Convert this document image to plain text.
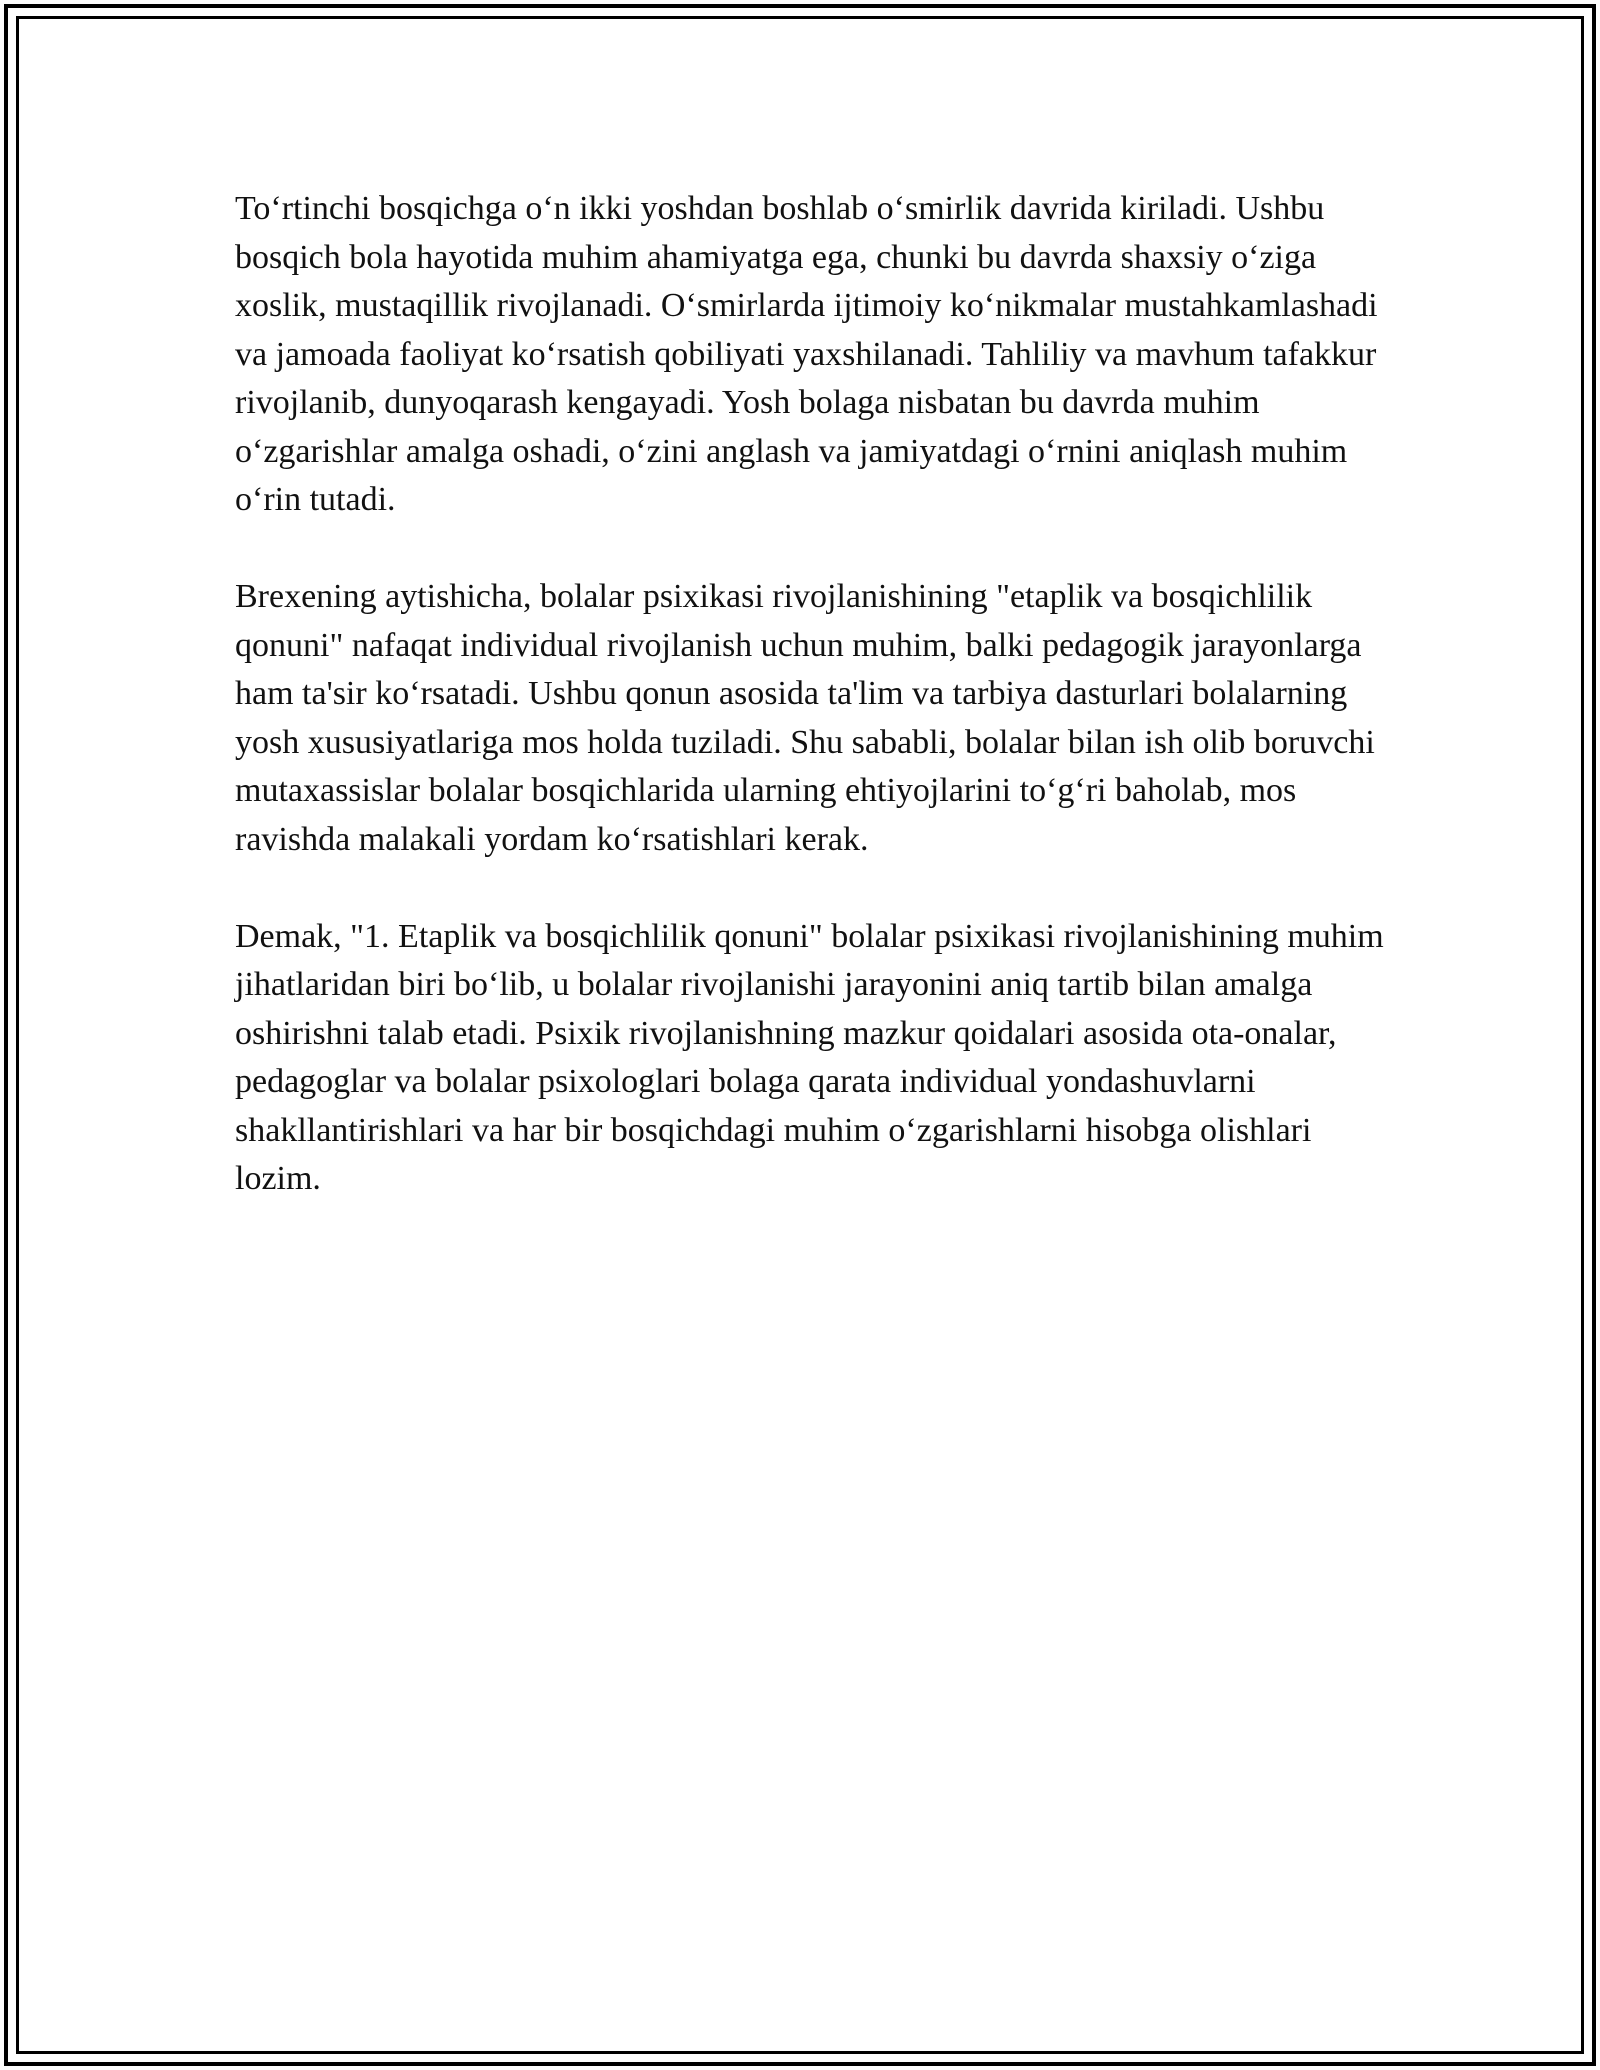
To‘rtinchi bosqichga o‘n ikki yoshdan boshlab o‘smirlik davrida kiriladi. Ushbu bosqich bola hayotida muhim ahamiyatga ega, chunki bu davrda shaxsiy o‘ziga xoslik, mustaqillik rivojlanadi. O‘smirlarda ijtimoiy ko‘nikmalar mustahkamlashadi va jamoada faoliyat ko‘rsatish qobiliyati yaxshilanadi. Tahliliy va mavhum tafakkur rivojlanib, dunyoqarash kengayadi. Yosh bolaga nisbatan bu davrda muhim o‘zgarishlar amalga oshadi, o‘zini anglash va jamiyatdagi o‘rnini aniqlash muhim o‘rin tutadi.

Brexening aytishicha, bolalar psixikasi rivojlanishining "etaplik va bosqichlilik qonuni" nafaqat individual rivojlanish uchun muhim, balki pedagogik jarayonlarga ham ta'sir ko‘rsatadi. Ushbu qonun asosida ta'lim va tarbiya dasturlari bolalarning yosh xususiyatlariga mos holda tuziladi. Shu sababli, bolalar bilan ish olib boruvchi mutaxassislar bolalar bosqichlarida ularning ehtiyojlarini to‘g‘ri baholab, mos ravishda malakali yordam ko‘rsatishlari kerak.

Demak, "1. Etaplik va bosqichlilik qonuni" bolalar psixikasi rivojlanishining muhim jihatlaridan biri bo‘lib, u bolalar rivojlanishi jarayonini aniq tartib bilan amalga oshirishni talab etadi. Psixik rivojlanishning mazkur qoidalari asosida ota-onalar, pedagoglar va bolalar psixologlari bolaga qarata individual yondashuvlarni shakllantirishlari va har bir bosqichdagi muhim o‘zgarishlarni hisobga olishlari lozim.
